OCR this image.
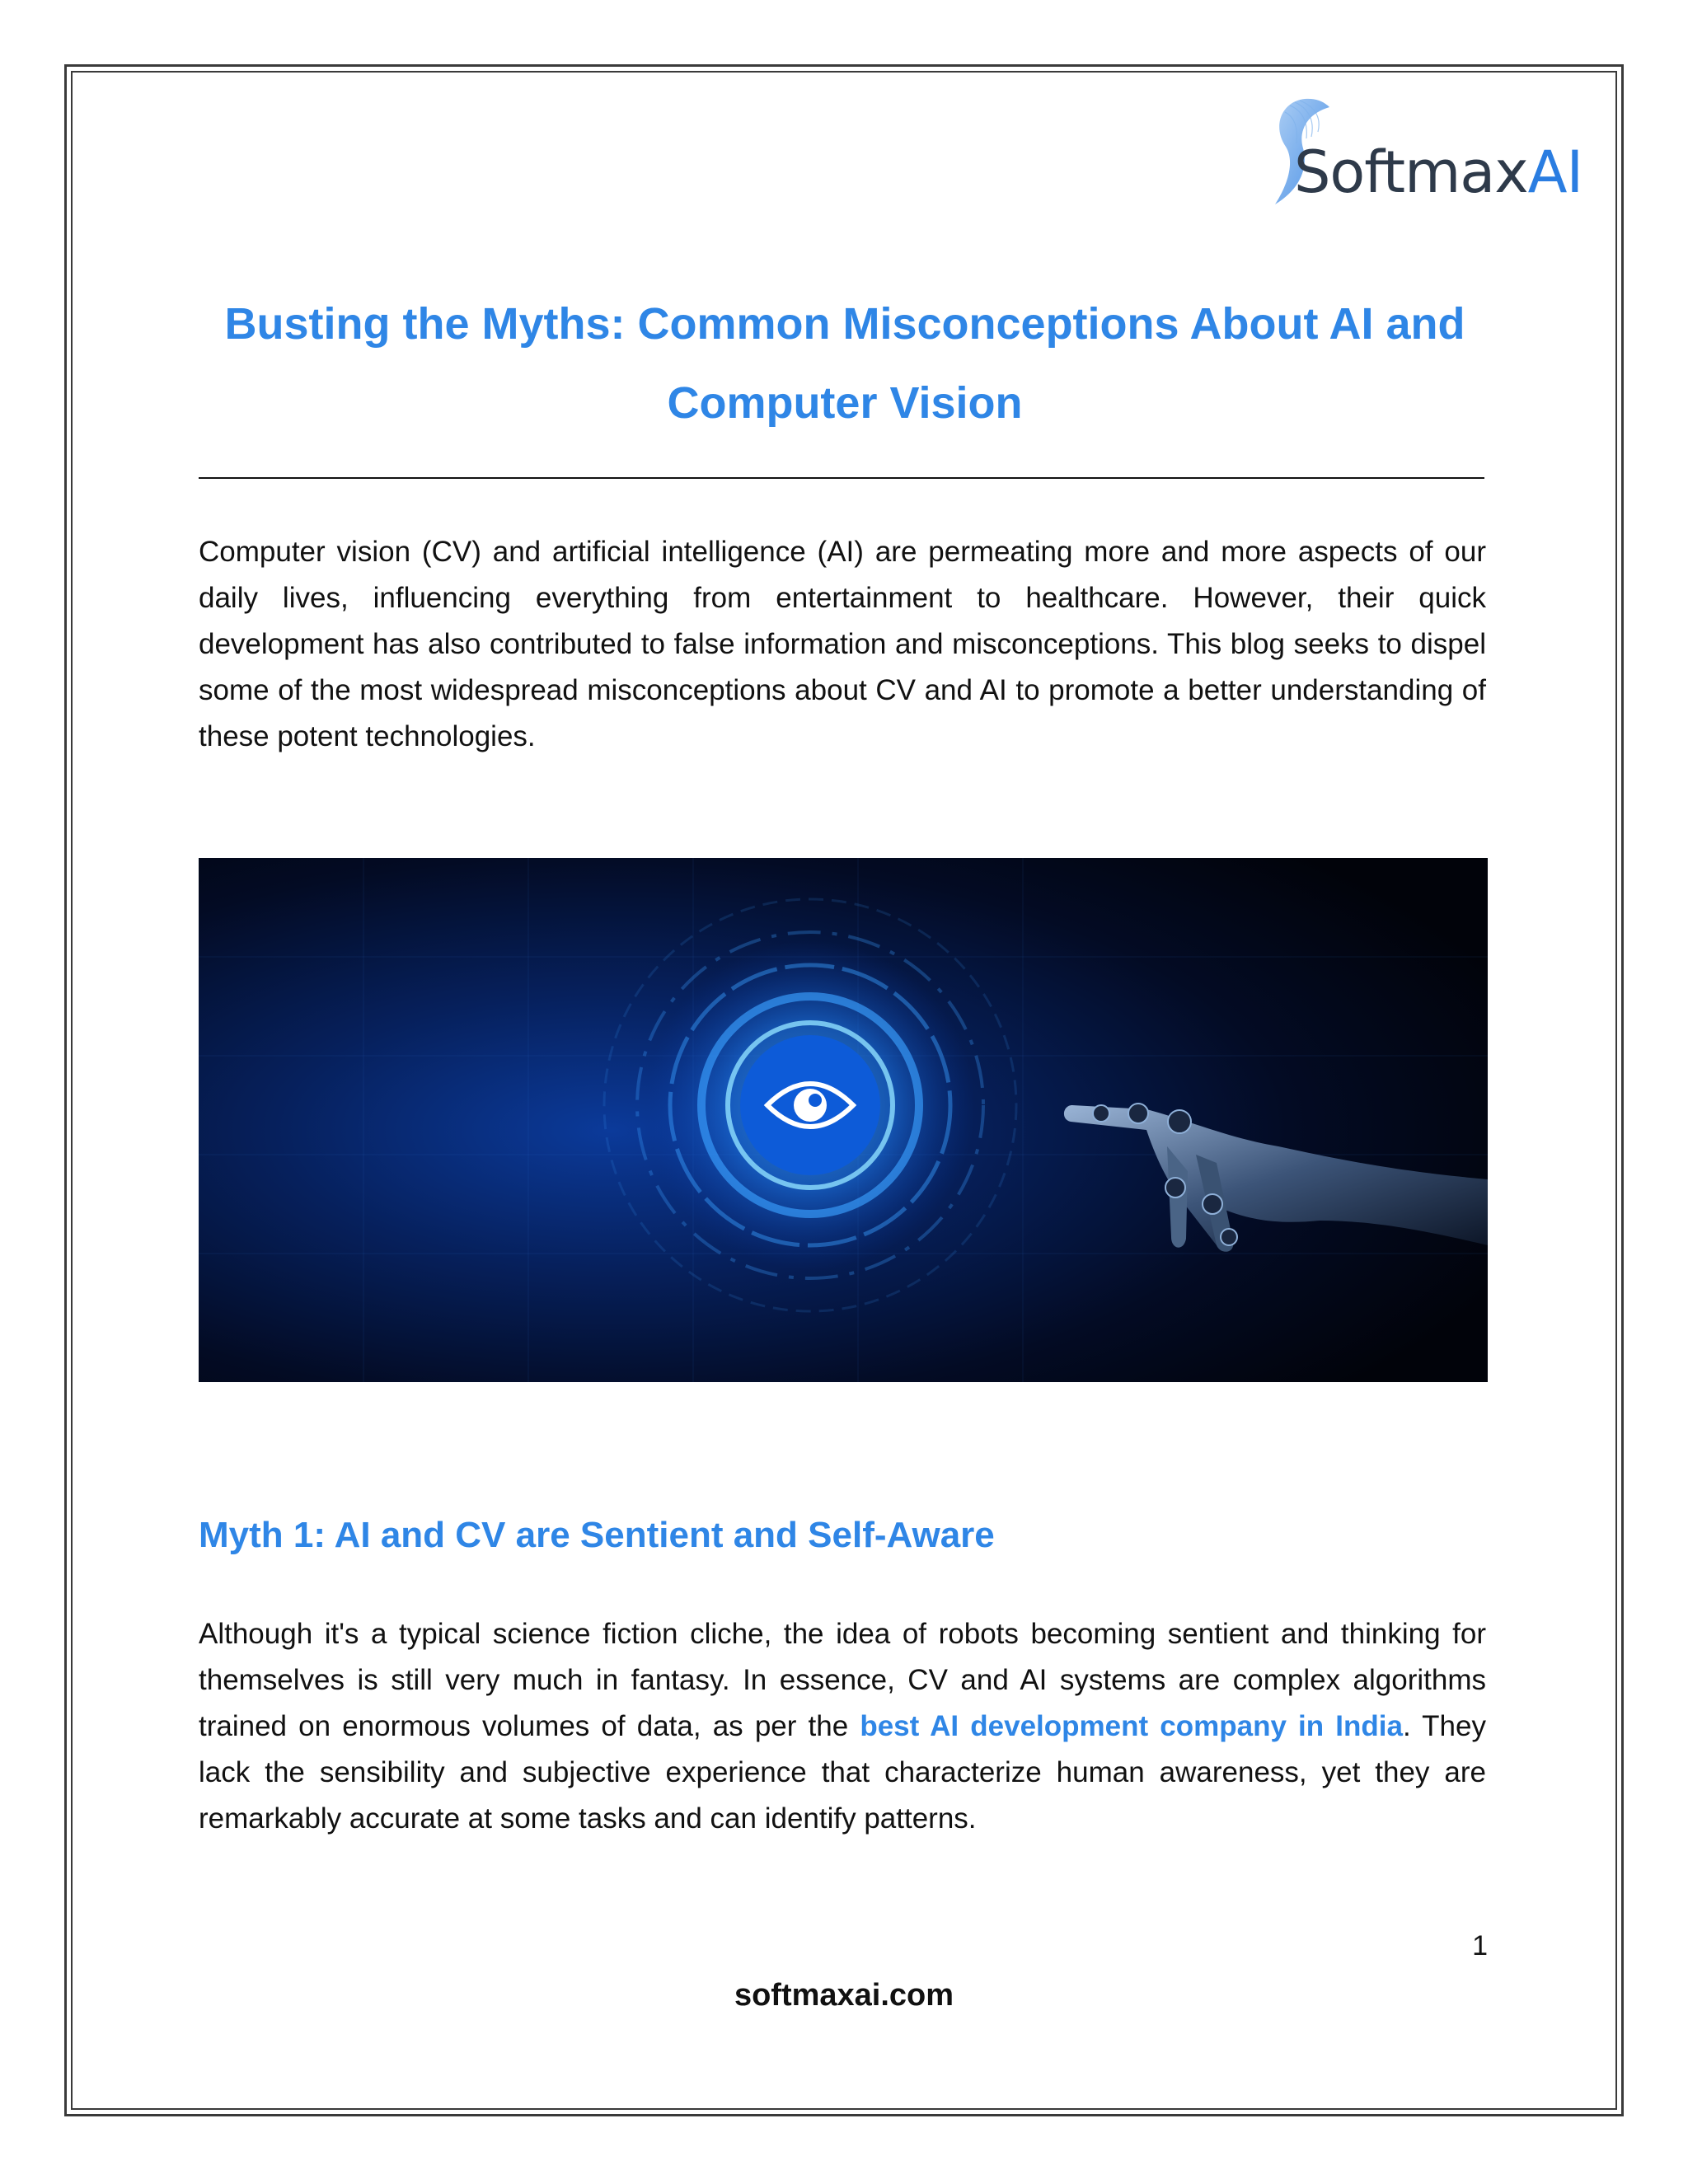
SoftmaxAI
Busting the Myths: Common Misconceptions About AI and Computer Vision

Computer vision (CV) and artificial intelligence (AI) are permeating more and more aspects of our daily lives, influencing everything from entertainment to healthcare. However, their quick development has also contributed to false information and misconceptions. This blog seeks to dispel some of the most widespread misconceptions about CV and AI to promote a better understanding of these potent technologies.

Myth 1: AI and CV are Sentient and Self-Aware

Although it's a typical science fiction cliche, the idea of robots becoming sentient and thinking for themselves is still very much in fantasy. In essence, CV and AI systems are complex algorithms trained on enormous volumes of data, as per the best AI development company in India. They lack the sensibility and subjective experience that characterize human awareness, yet they are remarkably accurate at some tasks and can identify patterns.

1
softmaxai.com
